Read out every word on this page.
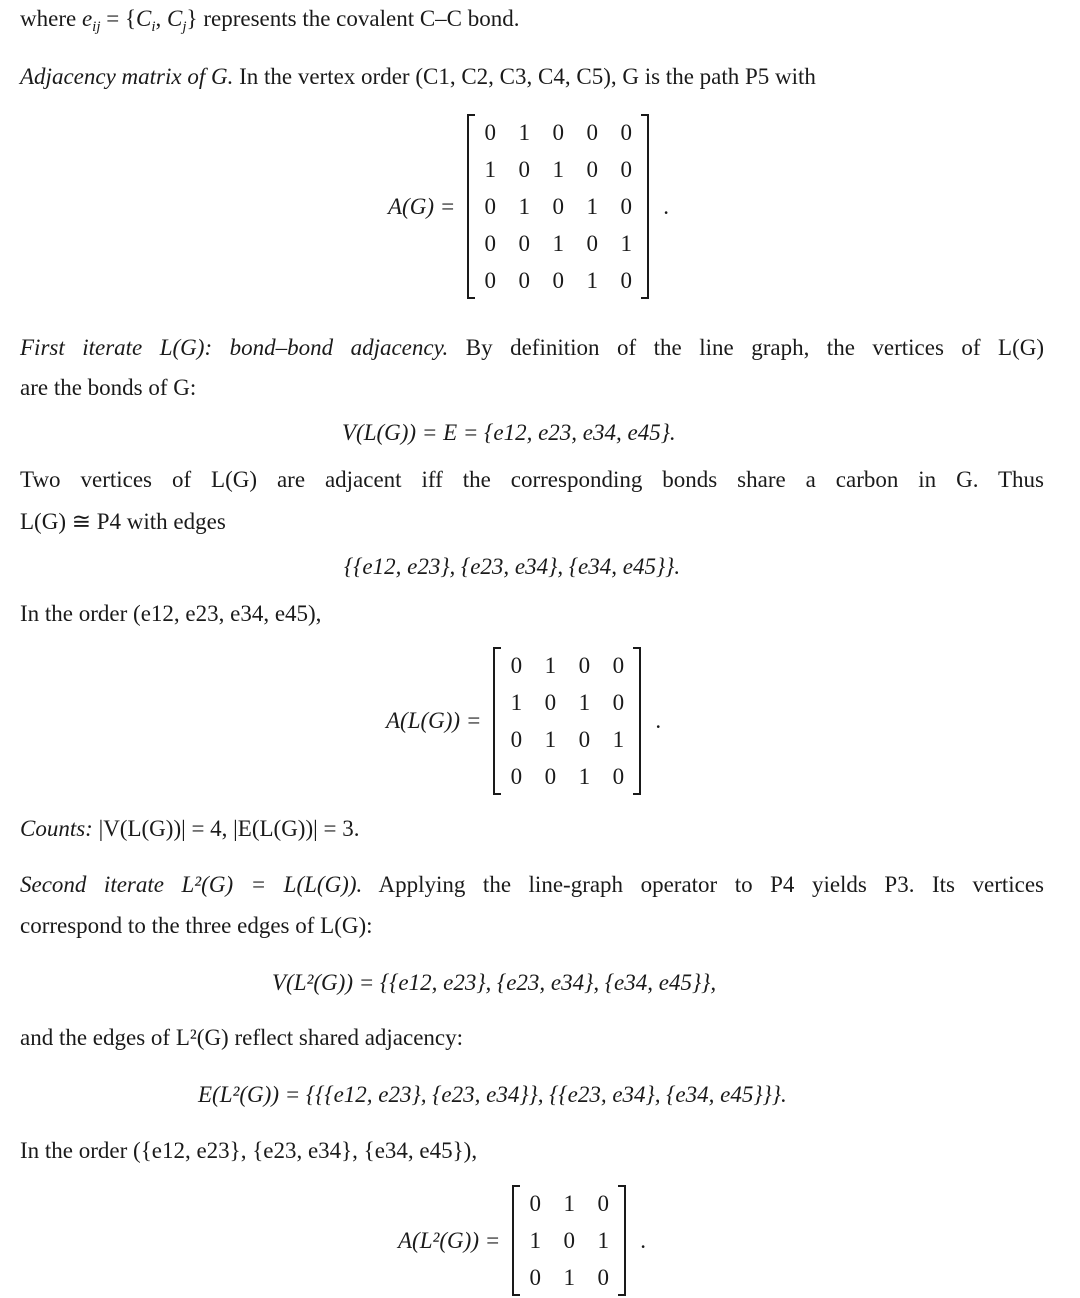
where $e_{ij} = \{C_i$, $C_j$} represents the covalent C–C bond.
Adjacency matrix of G. In the vertex order (C1, C2, C3, C4, C5), G is the path P5 with
A(G) =
0 1 0 0 0
1 0 1 0 0
0 1 0 1 0
0 0 1 0 1
0 0 0 1 0
.
First iterate L(G): bond–bond adjacency. By definition of the line graph, the vertices of L(G)
are the bonds of G:
V(L(G)) = E = {e12, e23, e34, e45}.
Two vertices of L(G) are adjacent iff the corresponding bonds share a carbon in G. Thus
L(G) ≅ P4 with edges
{{e12, e23}, {e23, e34}, {e34, e45}}.
In the order (e12, e23, e34, e45),
A(L(G)) =
0 1 0 0
1 0 1 0
0 1 0 1
0 0 1 0
.
Counts: |V(L(G))| = 4, |E(L(G))| = 3.
Second iterate L²(G) = L(L(G)). Applying the line-graph operator to P4 yields P3. Its vertices
correspond to the three edges of L(G):
V(L²(G)) = {{e12, e23}, {e23, e34}, {e34, e45}},
and the edges of L²(G) reflect shared adjacency:
E(L²(G)) = {{{e12, e23}, {e23, e34}}, {{e23, e34}, {e34, e45}}}.
In the order ({e12, e23}, {e23, e34}, {e34, e45}),
A(L²(G)) =
0 1 0
1 0 1
0 1 0
.
